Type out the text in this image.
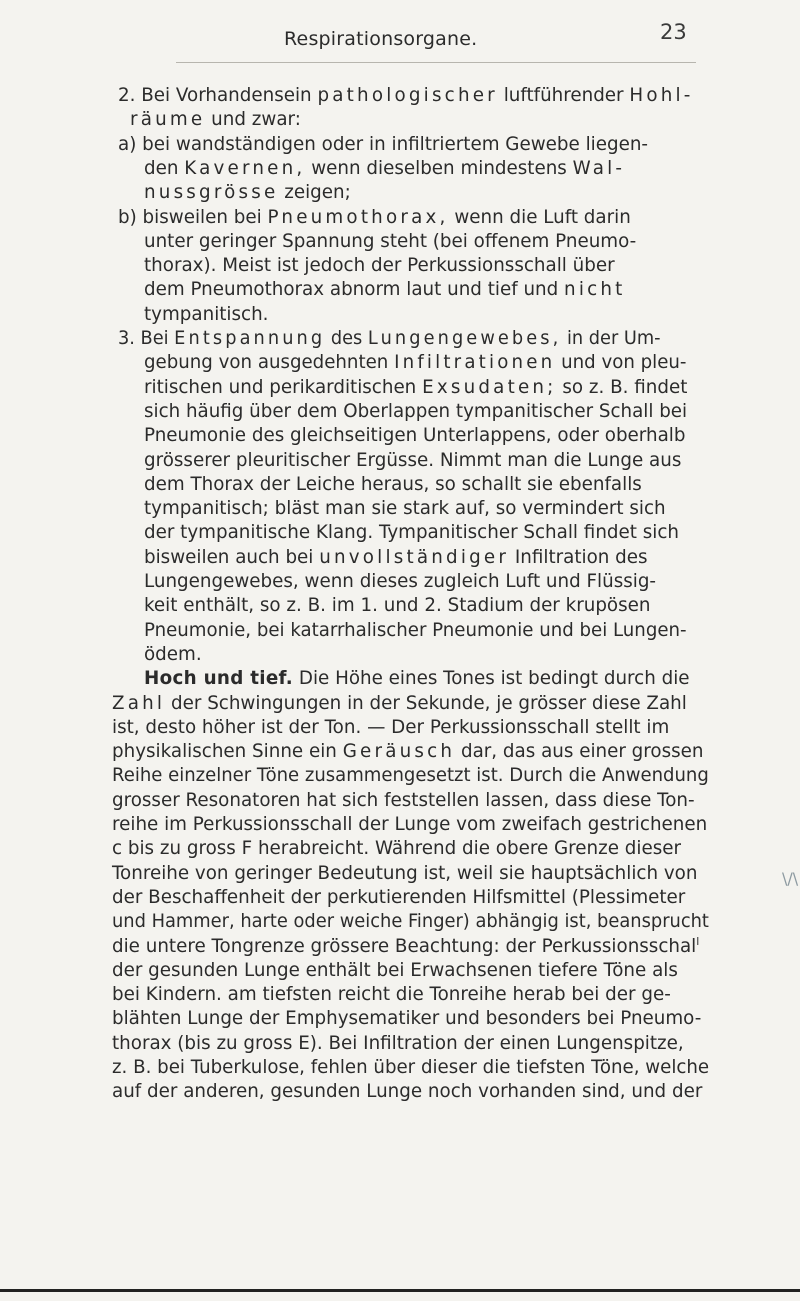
Respirationsorgane.	23
2. Bei Vorhandensein pathologischer luftführender Hohl-
räume und zwar:
a) bei wandständigen oder in infiltriertem Gewebe liegen-
den Kavernen, wenn dieselben mindestens Wal-
nussgrösse zeigen;
b) bisweilen bei Pneumothorax, wenn die Luft darin
unter geringer Spannung steht (bei offenem Pneumo-
thorax). Meist ist jedoch der Perkussionsschall über
dem Pneumothorax abnorm laut und tief und nicht
tympanitisch.
3. Bei Entspannung des Lungengewebes, in der Um-
gebung von ausgedehnten Infiltrationen und von pleu-
ritischen und perikarditischen Exsudaten; so z. B. findet
sich häufig über dem Oberlappen tympanitischer Schall bei
Pneumonie des gleichseitigen Unterlappens, oder oberhalb
grösserer pleuritischer Ergüsse. Nimmt man die Lunge aus
dem Thorax der Leiche heraus, so schallt sie ebenfalls
tympanitisch; bläst man sie stark auf, so vermindert sich
der tympanitische Klang. Tympanitischer Schall findet sich
bisweilen auch bei unvollständiger Infiltration des
Lungengewebes, wenn dieses zugleich Luft und Flüssig-
keit enthält, so z. B. im 1. und 2. Stadium der krupösen
Pneumonie, bei katarrhalischer Pneumonie und bei Lungen-
ödem.
Hoch und tief. Die Höhe eines Tones ist bedingt durch die
Zahl der Schwingungen in der Sekunde, je grösser diese Zahl
ist, desto höher ist der Ton. — Der Perkussionsschall stellt im
physikalischen Sinne ein Geräusch dar, das aus einer grossen
Reihe einzelner Töne zusammengesetzt ist. Durch die Anwendung
grosser Resonatoren hat sich feststellen lassen, dass diese Ton-
reihe im Perkussionsschall der Lunge vom zweifach gestrichenen
c bis zu gross F herabreicht. Während die obere Grenze dieser
Tonreihe von geringer Bedeutung ist, weil sie hauptsächlich von
der Beschaffenheit der perkutierenden Hilfsmittel (Plessimeter
und Hammer, harte oder weiche Finger) abhängig ist, beansprucht
die untere Tongrenze grössere Beachtung: der Perkussionsschal$^l$
der gesunden Lunge enthält bei Erwachsenen tiefere Töne als
bei Kindern. am tiefsten reicht die Tonreihe herab bei der ge-
blähten Lunge der Emphysematiker und besonders bei Pneumo-
thorax (bis zu gross E). Bei Infiltration der einen Lungenspitze,
z. B. bei Tuberkulose, fehlen über dieser die tiefsten Töne, welche
auf der anderen, gesunden Lunge noch vorhanden sind, und der
\/\
